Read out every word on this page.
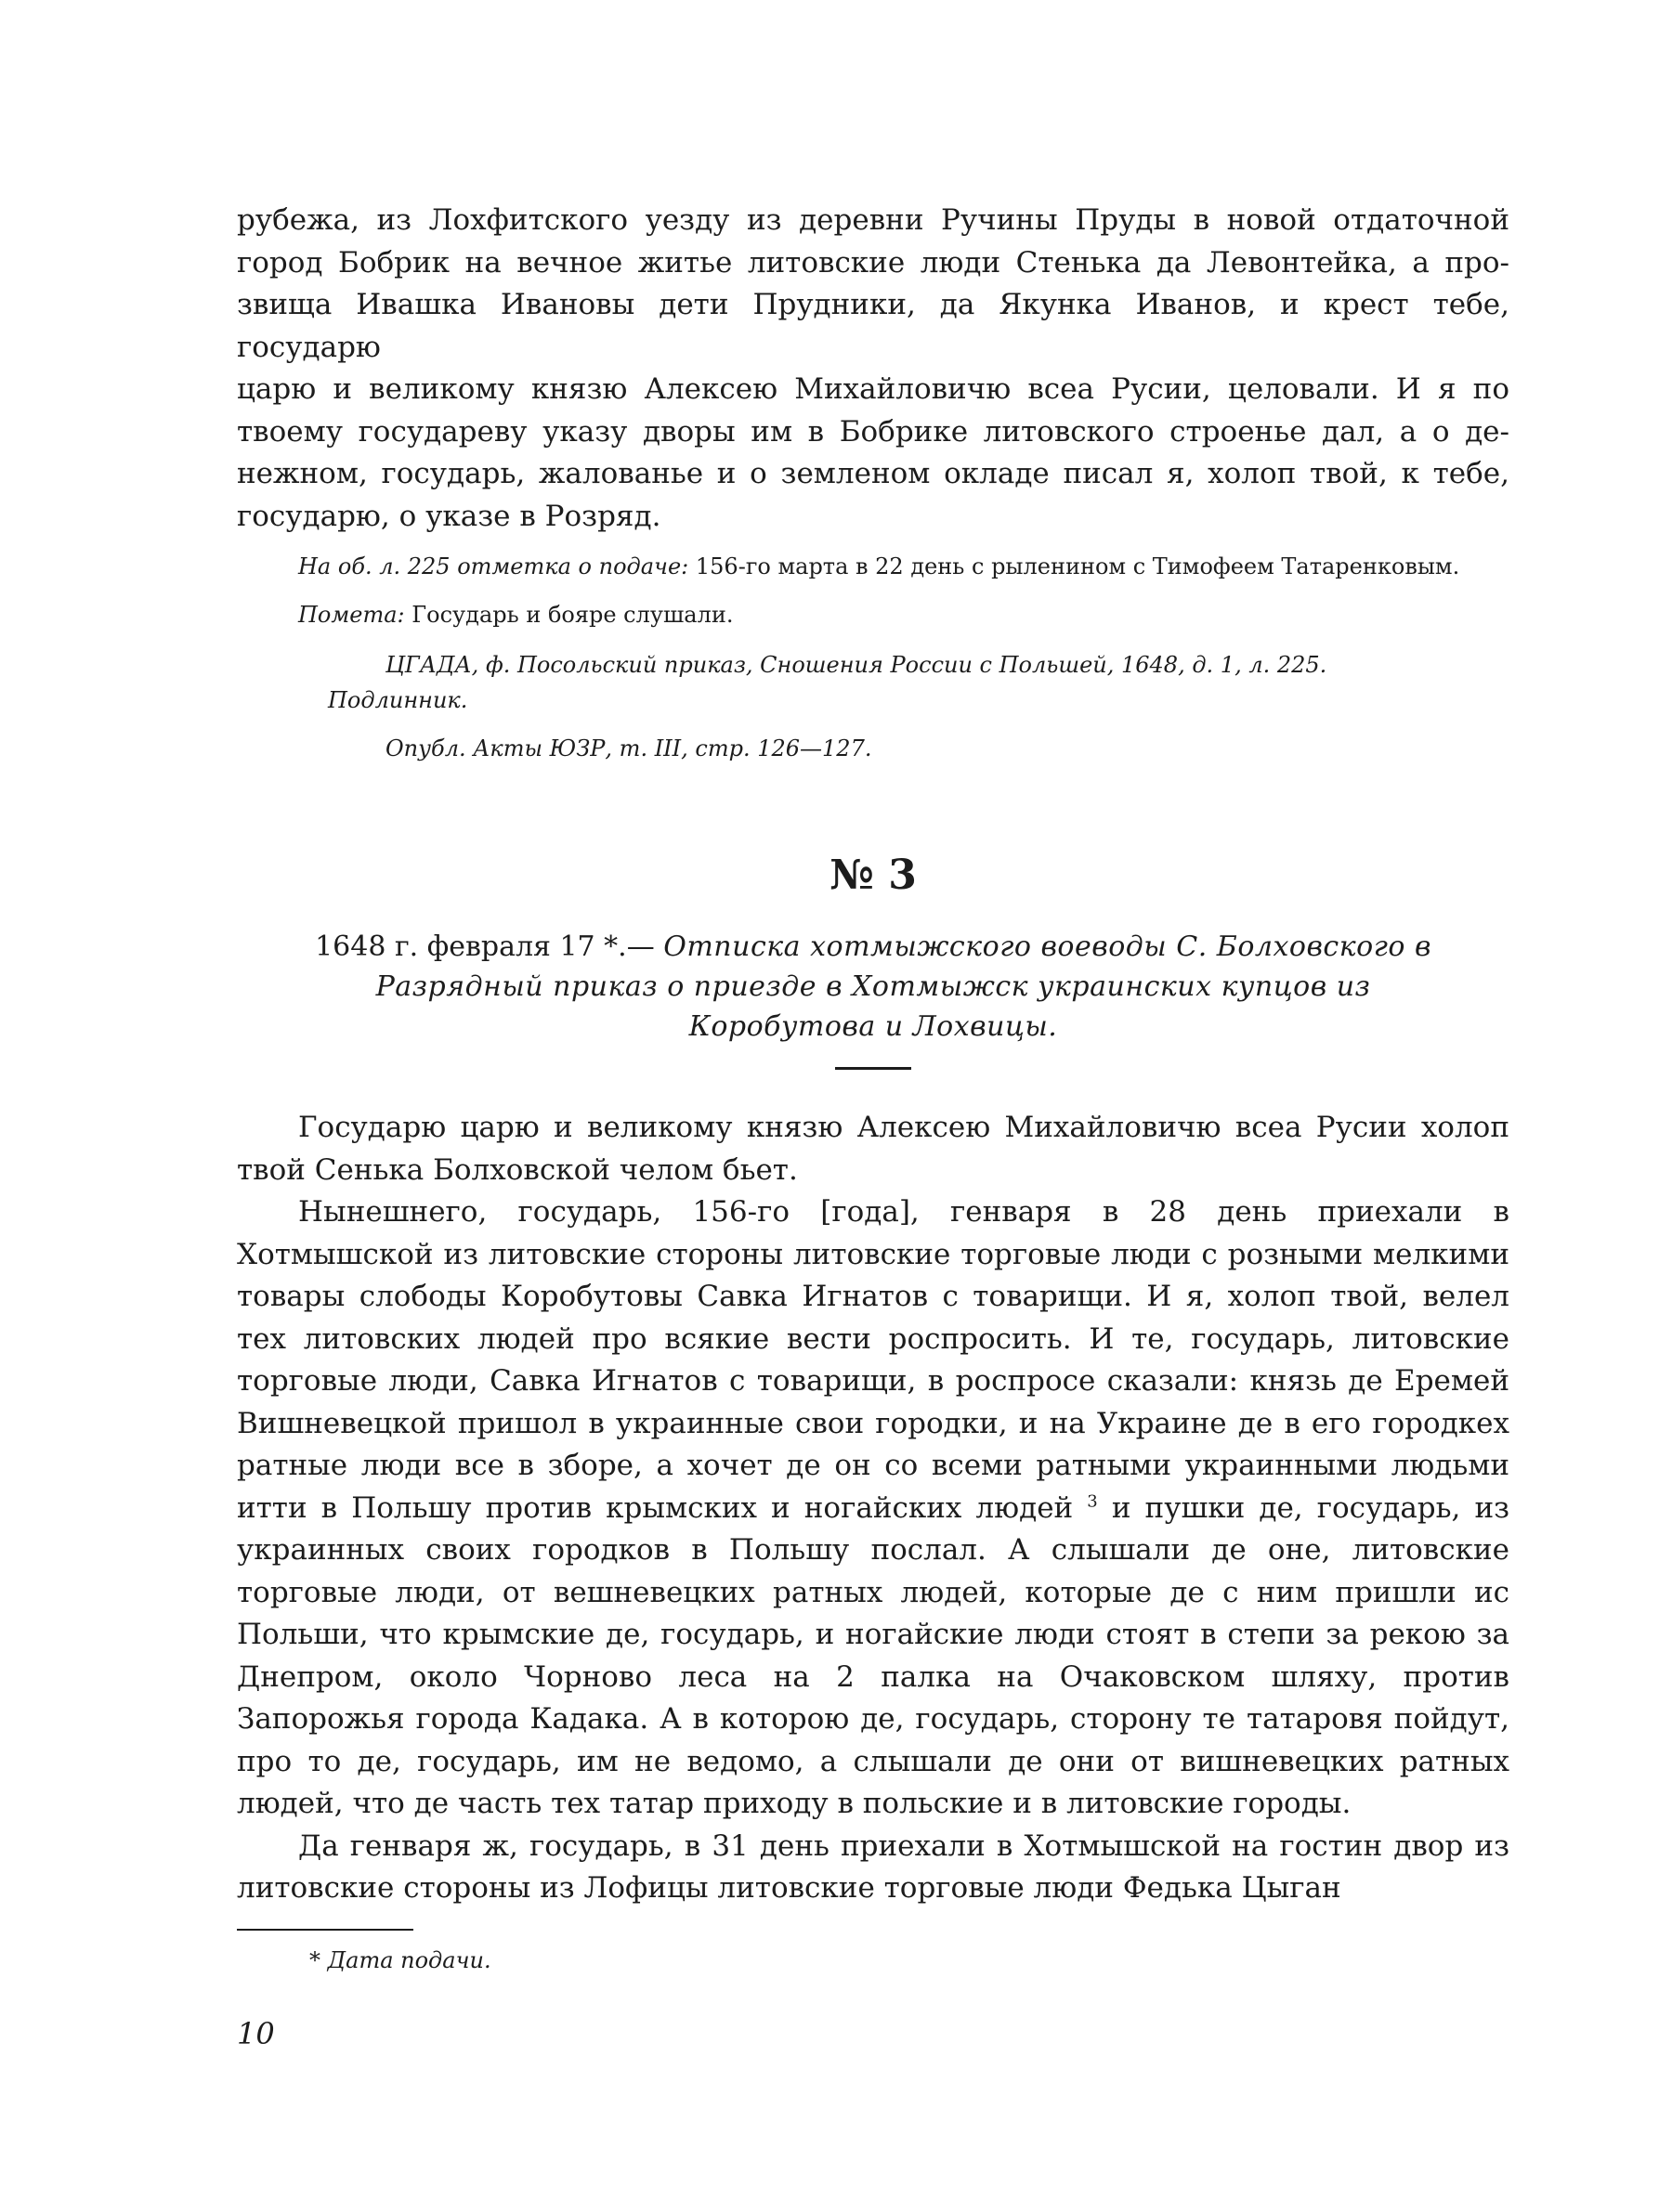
рубежа, из Лохфитского уезду из деревни Ручины Пруды в новой отдаточной

город Бобрик на вечное житье литовские люди Стенька да Левонтейка, а про-

звища Ивашка Ивановы дети Прудники, да Якунка Иванов, и крест тебе, государю

царю и великому князю Алексею Михайловичю всеа Русии, целовали. И я по

твоему государеву указу дворы им в Бобрике литовского строенье дал, а о де-

нежном, государь, жалованье и о земленом окладе писал я, холоп твой, к тебе,

государю, о указе в Розряд.

На об. л. 225 отметка о подаче: 156-го марта в 22 день с рыленином с Тимофеем Татаренковым.

Помета: Государь и бояре слушали.

ЦГАДА, ф. Посольский приказ, Сношения России с Польшей, 1648, д. 1, л. 225.
Подлинник.

Опубл. Акты ЮЗР, т. III, стр. 126—127.

№ 3

1648 г. февраля 17 *.— Отписка хотмыжского воеводы С. Болховского в Разрядный приказ о приезде в Хотмыжск украинских купцов из Коробутова и Лохвицы.

Государю царю и великому князю Алексею Михайловичю всеа Русии холоп твой Сенька Болховской челом бьет.

Нынешнего, государь, 156-го [года], генваря в 28 день приехали в Хотмышской из литовские стороны литовские торговые люди с розными мелкими товары слободы Коробутовы Савка Игнатов с товарищи. И я, холоп твой, велел тех литовских людей про всякие вести роспросить. И те, государь, литовские торговые люди, Савка Игнатов с товарищи, в роспросе сказали: князь де Еремей Вишневецкой пришол в украинные свои городки, и на Украине де в его городкех ратные люди все в зборе, а хочет де он со всеми ратными украинными людьми итти в Польшу против крымских и ногайских людей $^3$ и пушки де, государь, из украинных своих городков в Польшу послал. А слышали де оне, литовские торговые люди, от вешневецких ратных людей, которые де с ним пришли ис Польши, что крымские де, государь, и ногайские люди стоят в степи за рекою за Днепром, около Чорново леса на 2 палка на Очаковском шляху, против Запорожья города Кадака. А в которою де, государь, сторону те татаровя пойдут, про то де, государь, им не ведомо, а слышали де они от вишневецких ратных людей, что де часть тех татар приходу в польские и в литовские городы.

Да генваря ж, государь, в 31 день приехали в Хотмышской на гостин двор из литовские стороны из Лофицы литовские торговые люди Федька Цыган

* Дата подачи.

10
